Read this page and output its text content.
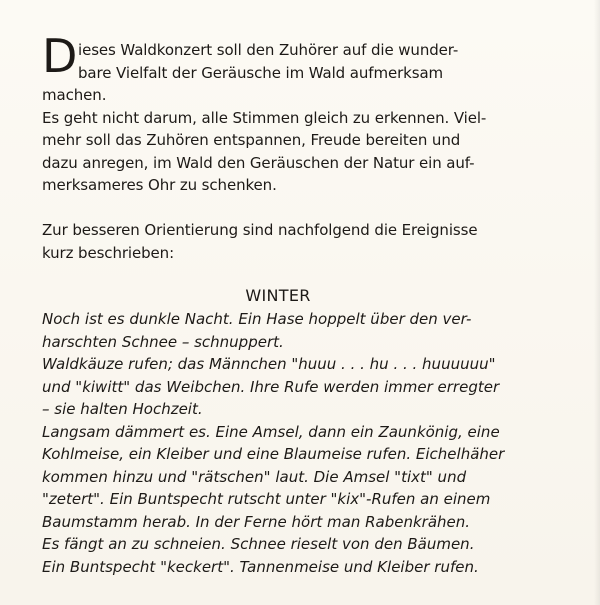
D ieses Waldkonzert soll den Zuhörer auf die wunder-
bare Vielfalt der Geräusche im Wald aufmerksam
machen.
Es geht nicht darum, alle Stimmen gleich zu erkennen. Viel-
mehr soll das Zuhören entspannen, Freude bereiten und
dazu anregen, im Wald den Geräuschen der Natur ein auf-
merksameres Ohr zu schenken.
Zur besseren Orientierung sind nachfolgend die Ereignisse
kurz beschrieben:
WINTER
Noch ist es dunkle Nacht. Ein Hase hoppelt über den ver-
harschten Schnee – schnuppert.
Waldkäuze rufen; das Männchen "huuu . . . hu . . . huuuuuu"
und "kiwitt" das Weibchen. Ihre Rufe werden immer erregter
– sie halten Hochzeit.
Langsam dämmert es. Eine Amsel, dann ein Zaunkönig, eine
Kohlmeise, ein Kleiber und eine Blaumeise rufen. Eichelhäher
kommen hinzu und "rätschen" laut. Die Amsel "tixt" und
"zetert". Ein Buntspecht rutscht unter "kix"-Rufen an einem
Baumstamm herab. In der Ferne hört man Rabenkrähen.
Es fängt an zu schneien. Schnee rieselt von den Bäumen.
Ein Buntspecht "keckert". Tannenmeise und Kleiber rufen.
